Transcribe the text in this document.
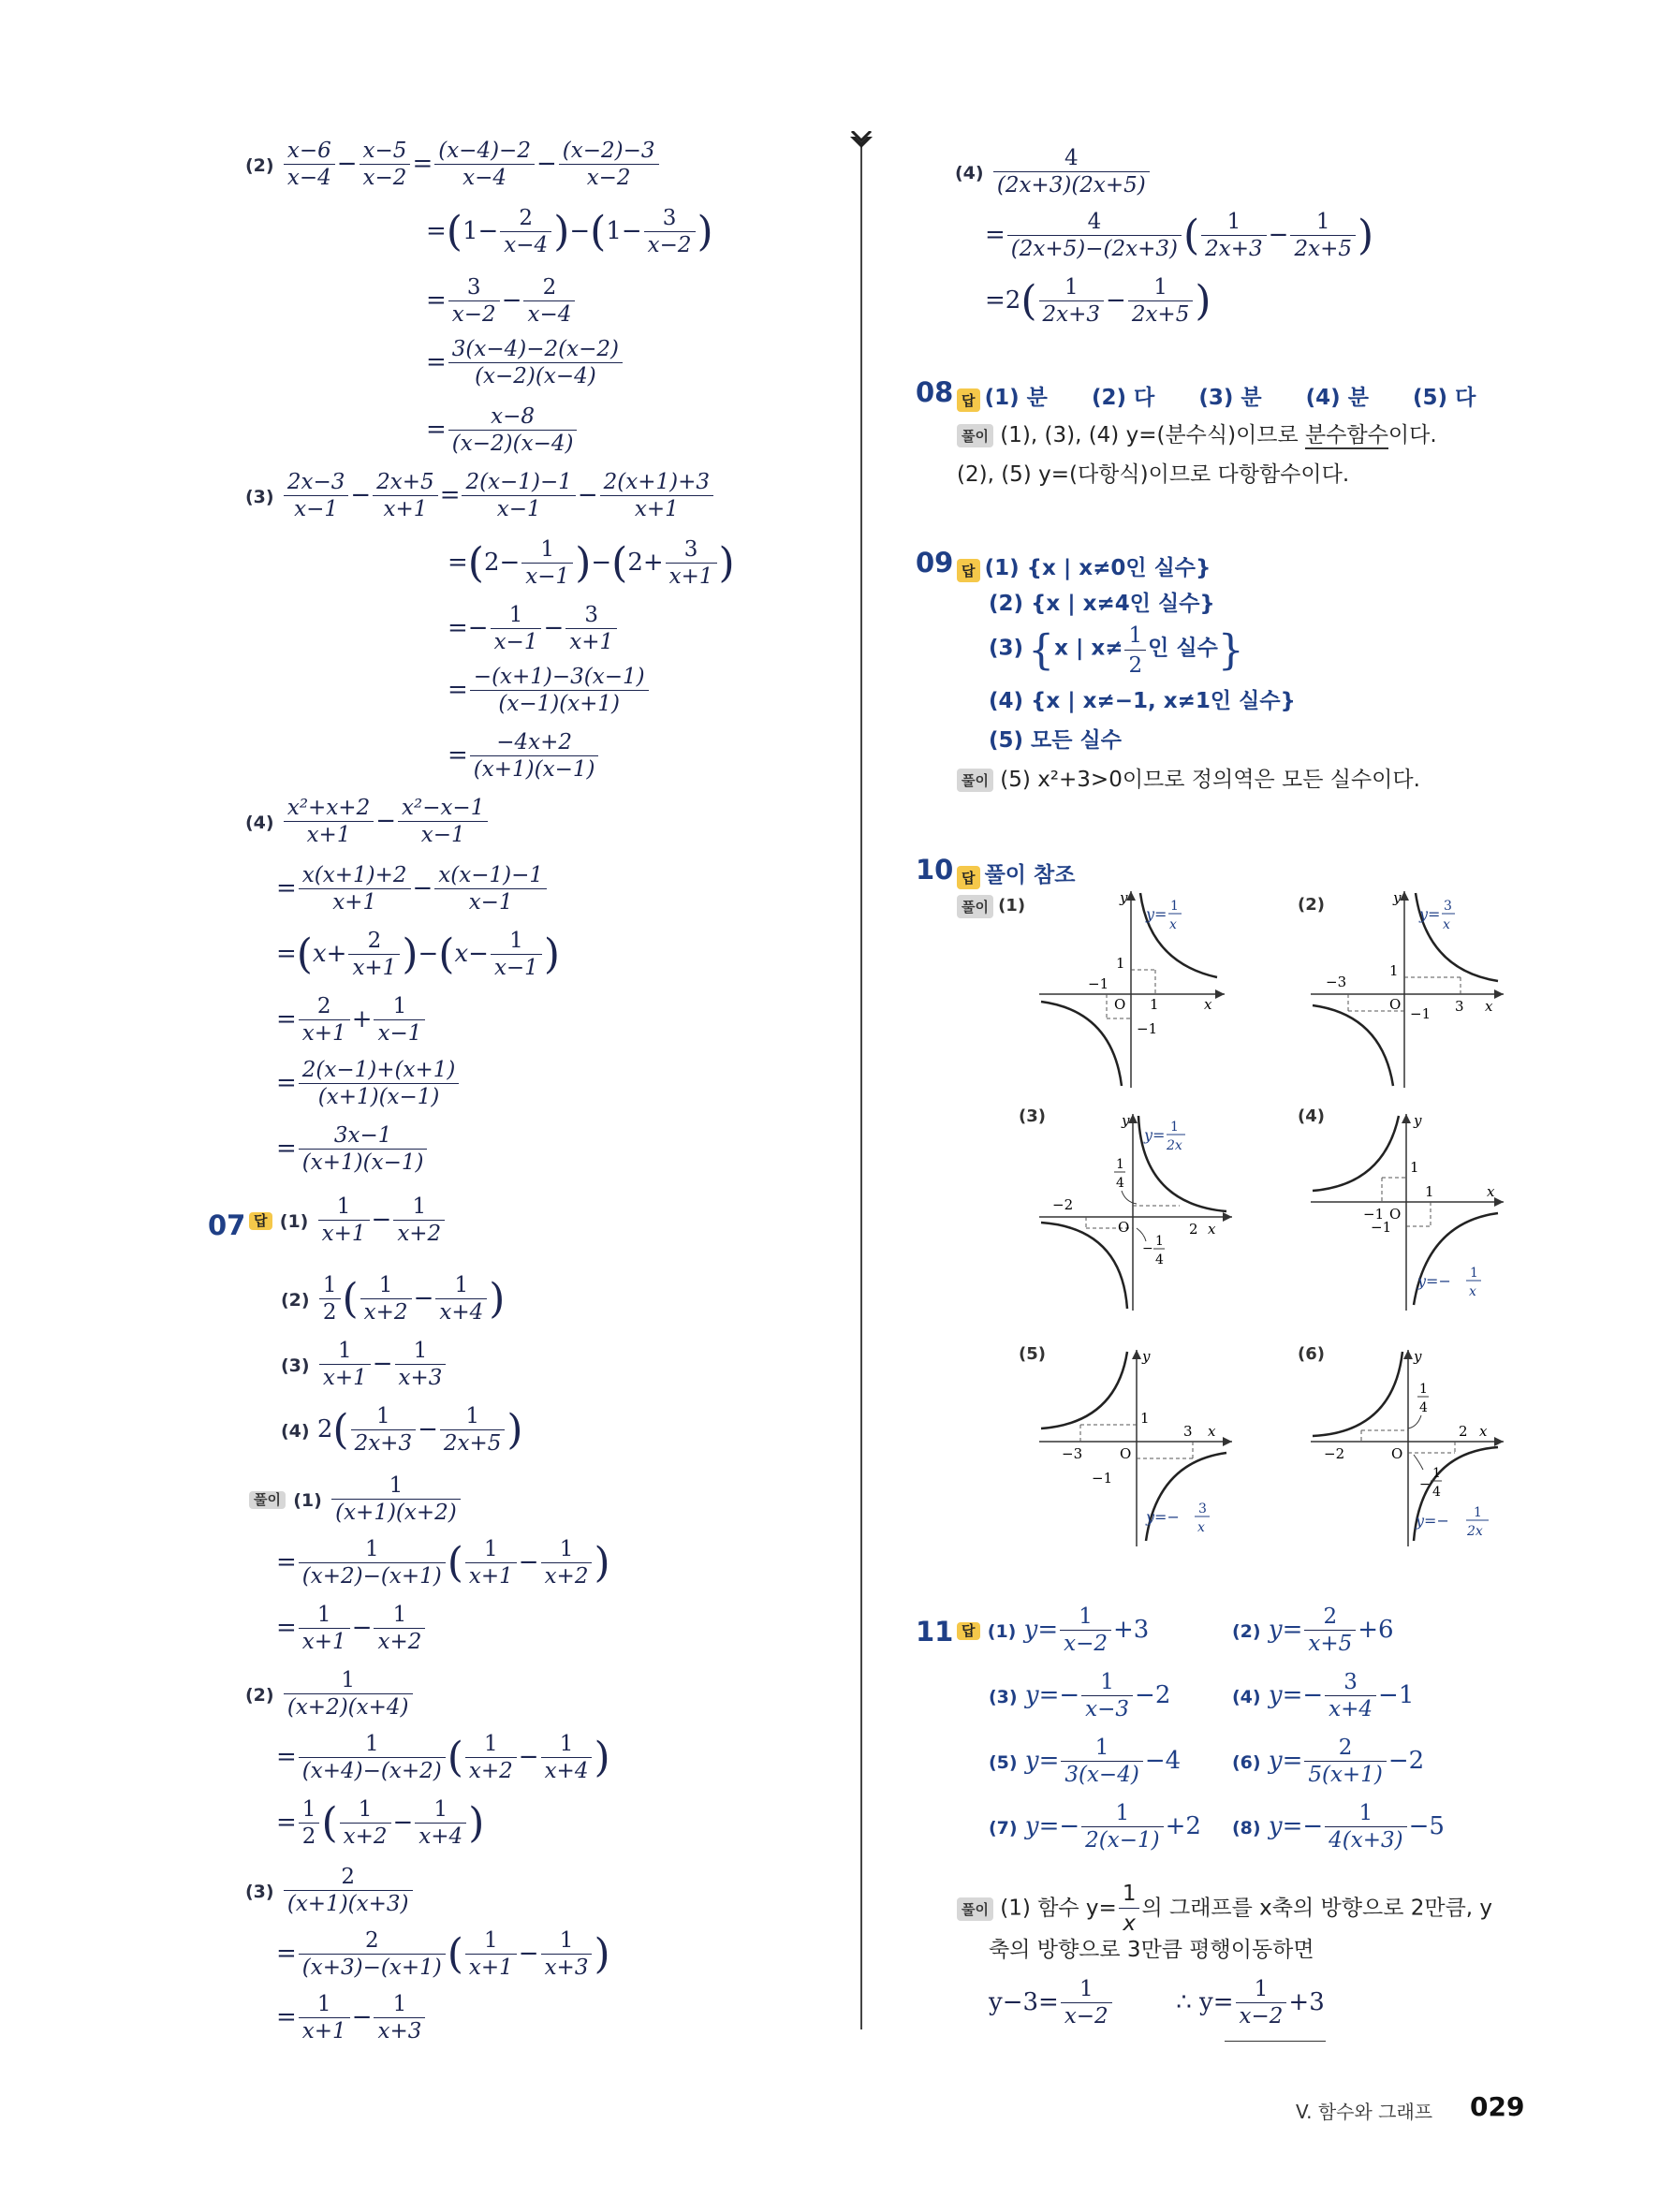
$(2) \frac{x-6}{x-4} - \frac{x-5}{x-2} = \frac{(x-4)-2}{x-4} - \frac{(x-2)-3}{x-2}$
$=(1- \frac{2}{x-4} )-(1- \frac{3}{x-2}$ )
= $\frac{3}{x-2} - \frac{2}{x-4}$
= $\frac{3(x-4)-2(x-2)}{(x-2)(x-4)}$
= $\frac{x-8}{(x-2)(x-4)}$
$(3) \frac{2x-3}{x-1} - \frac{2x+5}{x+1} = \frac{2(x-1)-1}{x-1} - \frac{2(x+1)+3}{x+1}$
$=(2- \frac{1}{x-1} )-(2+ \frac{3}{x+1}$ )
=− $\frac{1}{x-1} - \frac{3}{x+1}$
= $\frac{-(x+1)-3(x-1)}{(x-1)(x+1)}$
= $\frac{-4x+2}{(x+1)(x-1)}$
$(4) \frac{\text{x²+x+2}}{x+1} - \frac{\text{x²−x−1}}{x-1}$
= $\frac{x(x+1)+2}{x+1} - \frac{x(x-1)-1}{x-1}$
$=(x+ \frac{2}{x+1} )-(x- \frac{1}{x-1}$ )
= $\frac{2}{x+1} + \frac{1}{x-1}$
= $\frac{2(x-1)+(x+1)}{(x+1)(x-1)}$
= $\frac{3x-1}{(x+1)(x-1)}$
07 답 $(1) \frac{1}{x+1} - \frac{1}{x+2}$
$(2) \frac{1}{2}$ ( $\frac{1}{x+2} - \frac{1}{x+4}$ )
$(3) \frac{1}{x+1} - \frac{1}{x+3}$
(4) $2( \frac{1}{2x+3} - \frac{1}{2x+5}$ )
풀이 $(1) \frac{1}{(x+1)(x+2)}$
= $\frac{1}{(x+2)-(x+1)}$ ( $\frac{1}{x+1} - \frac{1}{x+2}$ )
= $\frac{1}{x+1} - \frac{1}{x+2}$
$(2) \frac{1}{(x+2)(x+4)}$
= $\frac{1}{(x+4)-(x+2)}$ ( $\frac{1}{x+2} - \frac{1}{x+4}$ )
= $\frac{1}{2}$ ( $\frac{1}{x+2} - \frac{1}{x+4}$ )
$(3) \frac{2}{(x+1)(x+3)}$
= $\frac{2}{(x+3)-(x+1)}$ ( $\frac{1}{x+1} - \frac{1}{x+3}$ )
= $\frac{1}{x+1} - \frac{1}{x+3}$
$(4) \frac{4}{(2x+3)(2x+5)}$
= $\frac{4}{(2x+5)-(2x+3)}$ ( $\frac{1}{2x+3} - \frac{1}{2x+5}$ )
$=2( \frac{1}{2x+3} - \frac{1}{2x+5}$ )
08 답 (1) 분 (2) 다 (3) 분 (4) 분 (5) 다
풀이 (1), (3), (4) y=(분수식)이므로 분수함수이다.
(2), (5) y=(다항식)이므로 다항함수이다.
09 답 (1) {x | x≠0인 실수}
(2) {x | x≠4인 실수}
(3) {x | $x\ne \frac{1}{2}$ 인 실수}
(4) {x | x≠−1, x≠1인 실수}
(5) 모든 실수
풀이 (5) x²+3>0이므로 정의역은 모든 실수이다.
10 답 풀이 참조
풀이 (1)	y
y= 1
x
1
−1
O 1	x
−1
(2)	y
y= 3
x
1
−3
O
−1 3 x
(3)	y
y= 1
2x
1
4
−2
O
− 1
4
2 x
(4)	y
1
1	x
−1 O
−1
y=− 1
x
(5)	y
1
3 x
−3	O
−1
y=− 3
x
(6)	y
1
4
2 x
−2	O
−
1
4
y=− 1
2x
11 답 (1) $y= \frac{1}{x-2} +3$	(2) $y= \frac{2}{x+5} +6$
(3) $y=- \frac{1}{x-3} -2$	(4) $y=- \frac{3}{x+4} -1$
(5) $y= \frac{1}{3(x-4)} -4$	(6) $y= \frac{2}{5(x+1)} -2$
(7) $y=- \frac{1}{2(x-1)} +2$ (8) $y=- \frac{1}{4(x+3)} -5$
풀이 (1) 함수 $y= \frac{1}{x}$ 의 그래프를 x축의 방향으로 2만큼, y
축의 방향으로 3만큼 평행이동하면
$y-3= \frac{1}{x-2}$	∴ $y= \frac{1}{x-2} +3$
V. 함수와 그래프 029
